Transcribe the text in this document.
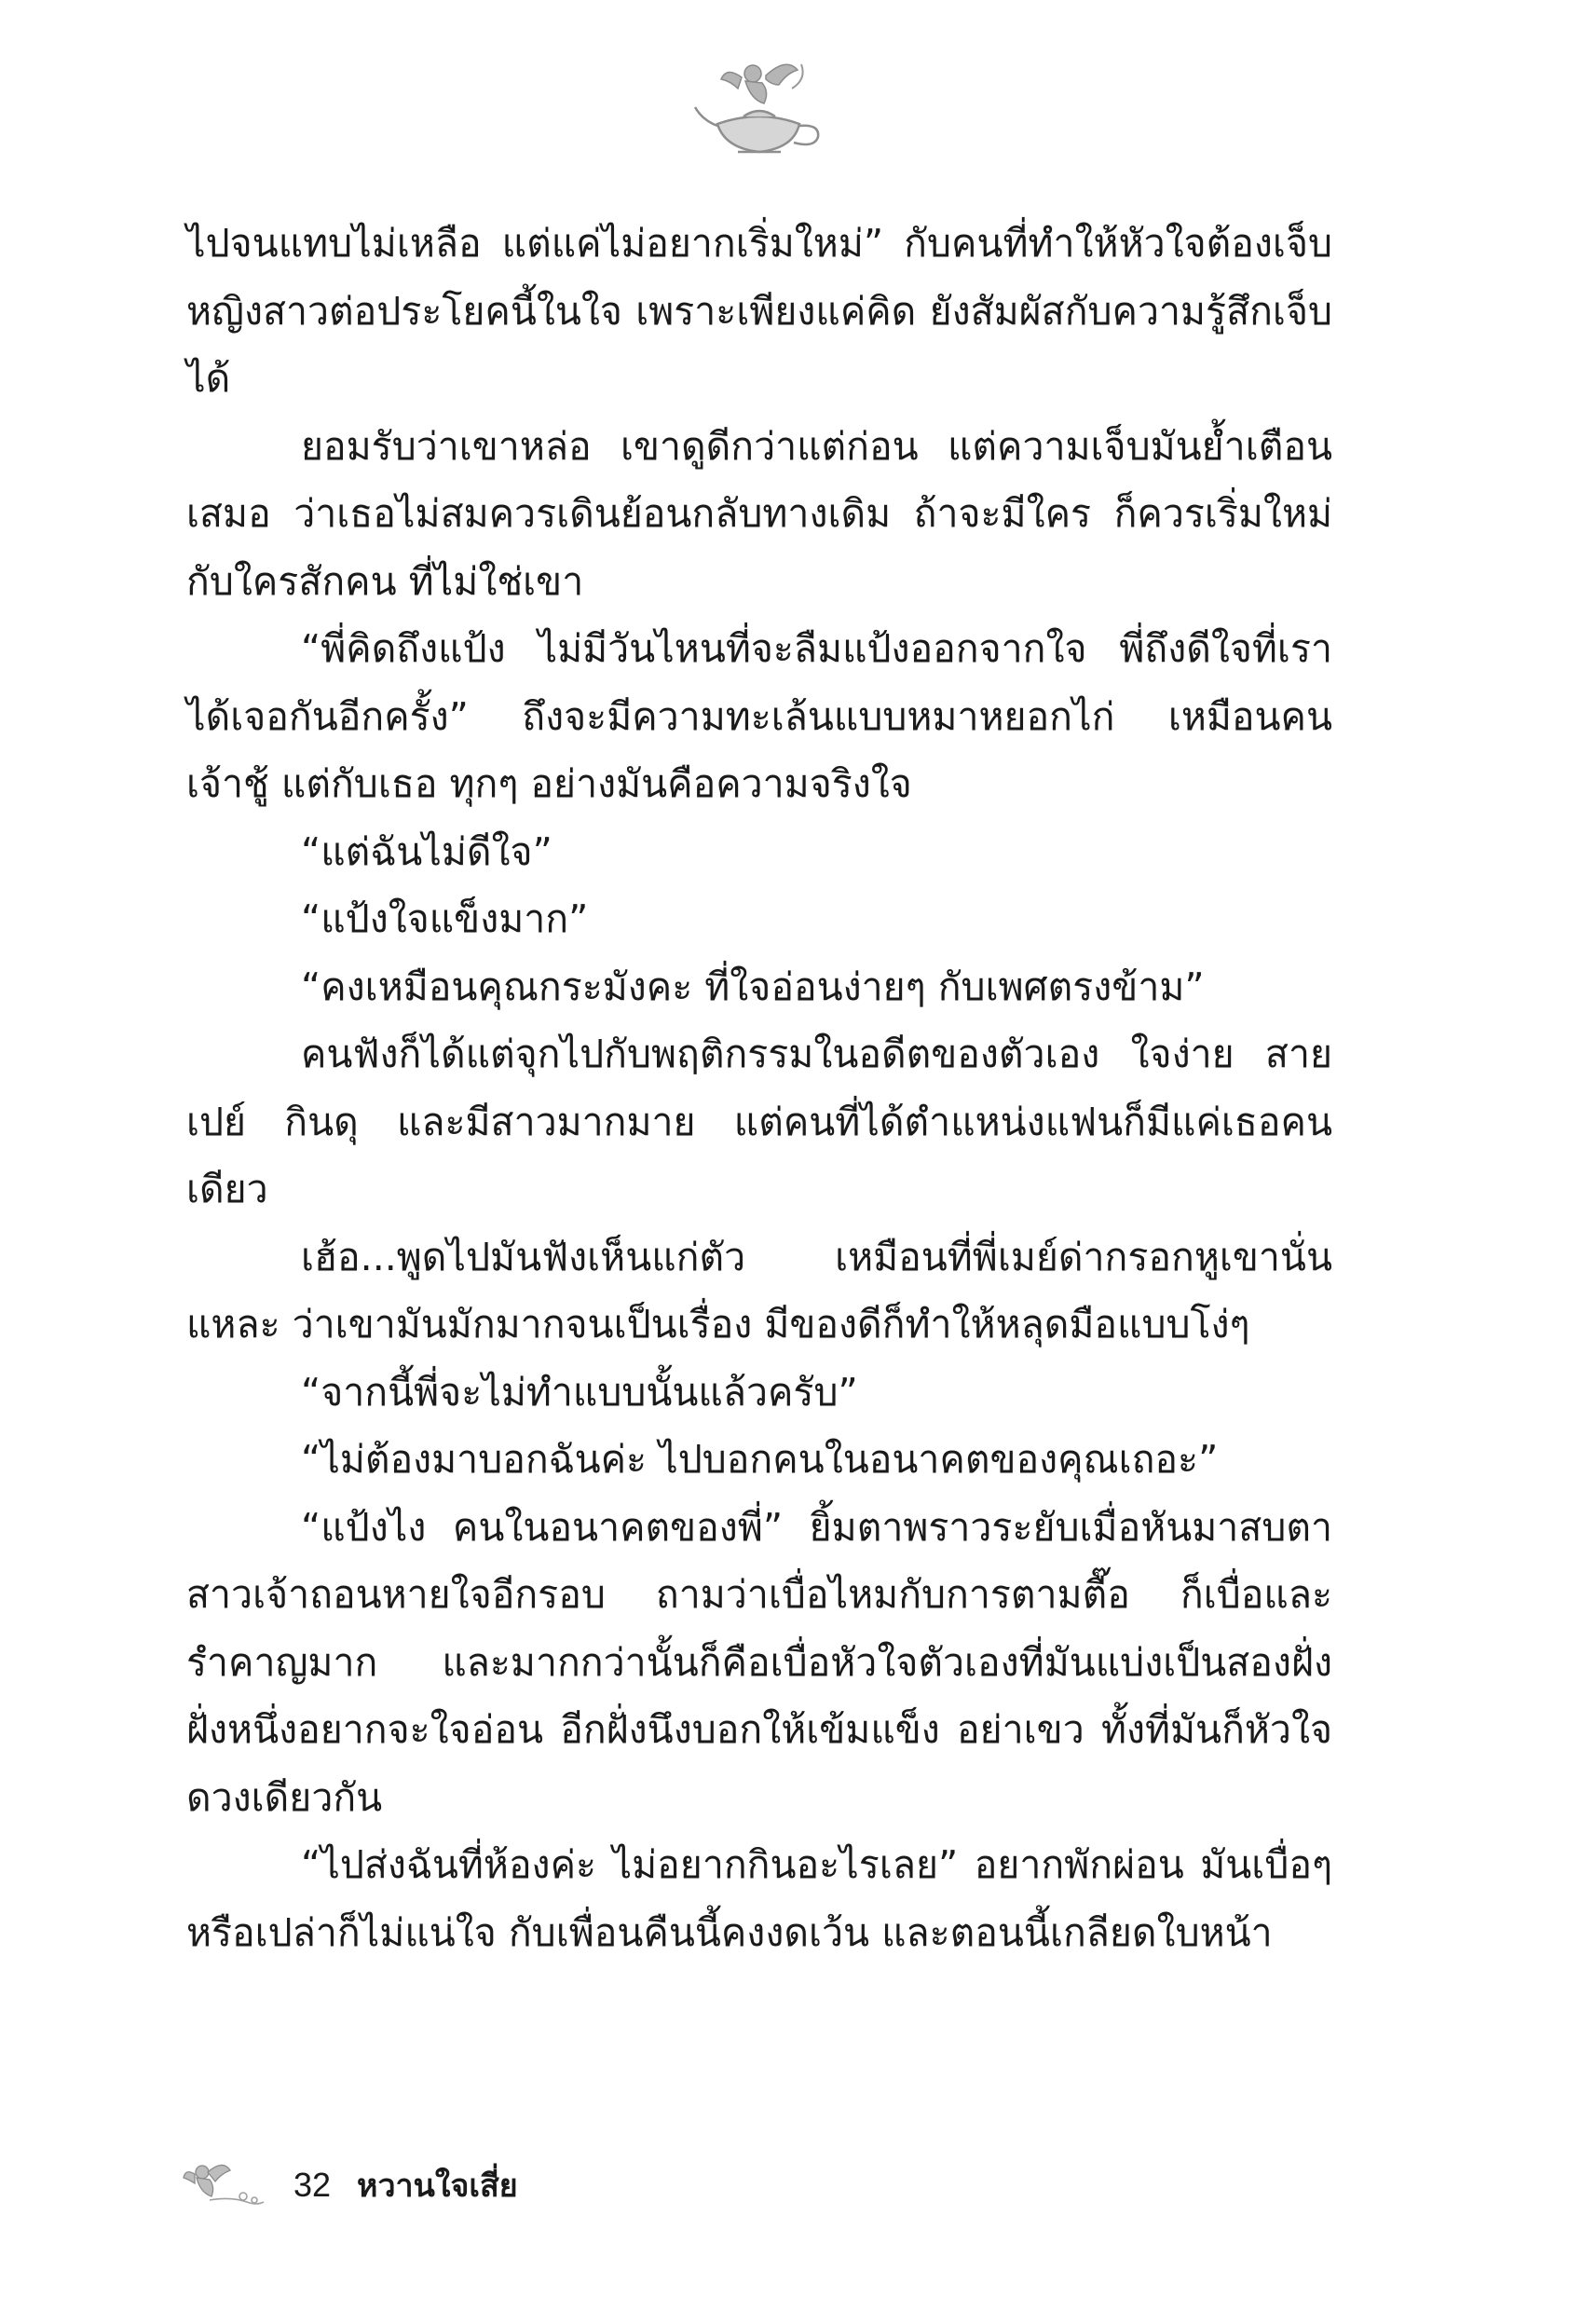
ไปจนแทบไม่เหลือ แต่แค่ไม่อยากเริ่มใหม่” กับคนที่ทำให้หัวใจต้องเจ็บ หญิงสาวต่อประโยคนี้ในใจ เพราะเพียงแค่คิด ยังสัมผัสกับความรู้สึกเจ็บได้

ยอมรับว่าเขาหล่อ เขาดูดีกว่าแต่ก่อน แต่ความเจ็บมันย้ำเตือนเสมอ ว่าเธอไม่สมควรเดินย้อนกลับทางเดิม ถ้าจะมีใคร ก็ควรเริ่มใหม่กับใครสักคน ที่ไม่ใช่เขา

“พี่คิดถึงแป้ง ไม่มีวันไหนที่จะลืมแป้งออกจากใจ พี่ถึงดีใจที่เราได้เจอกันอีกครั้ง” ถึงจะมีความทะเล้นแบบหมาหยอกไก่ เหมือนคนเจ้าชู้ แต่กับเธอ ทุกๆ อย่างมันคือความจริงใจ

“แต่ฉันไม่ดีใจ”

“แป้งใจแข็งมาก”

“คงเหมือนคุณกระมังคะ ที่ใจอ่อนง่ายๆ กับเพศตรงข้าม”

คนฟังก็ได้แต่จุกไปกับพฤติกรรมในอดีตของตัวเอง ใจง่าย สายเปย์ กินดุ และมีสาวมากมาย แต่คนที่ได้ตำแหน่งแฟนก็มีแค่เธอคนเดียว

เฮ้อ...พูดไปมันฟังเห็นแก่ตัว เหมือนที่พี่เมย์ด่ากรอกหูเขานั่นแหละ ว่าเขามันมักมากจนเป็นเรื่อง มีของดีก็ทำให้หลุดมือแบบโง่ๆ

“จากนี้พี่จะไม่ทำแบบนั้นแล้วครับ”

“ไม่ต้องมาบอกฉันค่ะ ไปบอกคนในอนาคตของคุณเถอะ”

“แป้งไง คนในอนาคตของพี่” ยิ้มตาพราวระยับเมื่อหันมาสบตา สาวเจ้าถอนหายใจอีกรอบ ถามว่าเบื่อไหมกับการตามตื๊อ ก็เบื่อและรำคาญมาก และมากกว่านั้นก็คือเบื่อหัวใจตัวเองที่มันแบ่งเป็นสองฝั่ง ฝั่งหนึ่งอยากจะใจอ่อน อีกฝั่งนึงบอกให้เข้มแข็ง อย่าเขว ทั้งที่มันก็หัวใจดวงเดียวกัน

“ไปส่งฉันที่ห้องค่ะ ไม่อยากกินอะไรเลย” อยากพักผ่อน มันเบื่อๆ หรือเปล่าก็ไม่แน่ใจ กับเพื่อนคืนนี้คงงดเว้น และตอนนี้เกลียดใบหน้า

32 หวานใจเสี่ย
